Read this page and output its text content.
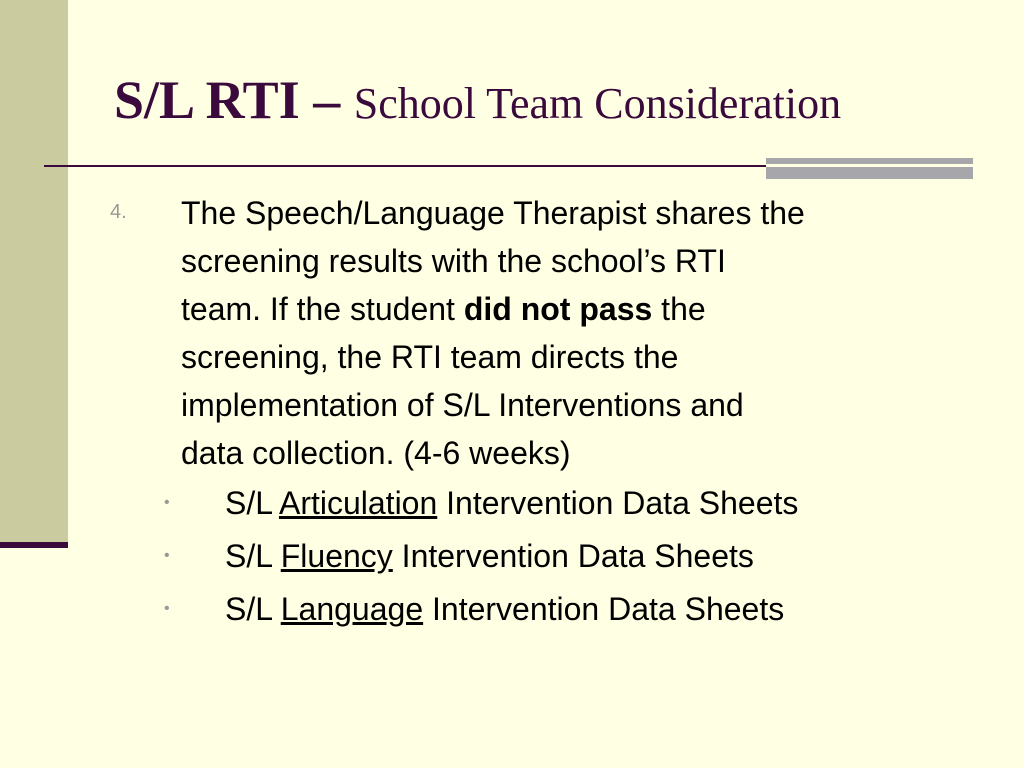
S/L RTI – School Team Consideration
4. The Speech/Language Therapist shares the
screening results with the school’s RTI
team. If the student did not pass the
screening, the RTI team directs the
implementation of S/L Interventions and
data collection. (4-6 weeks)
•	S/L Articulation Intervention Data Sheets
•	S/L Fluency Intervention Data Sheets
•	S/L Language Intervention Data Sheets
